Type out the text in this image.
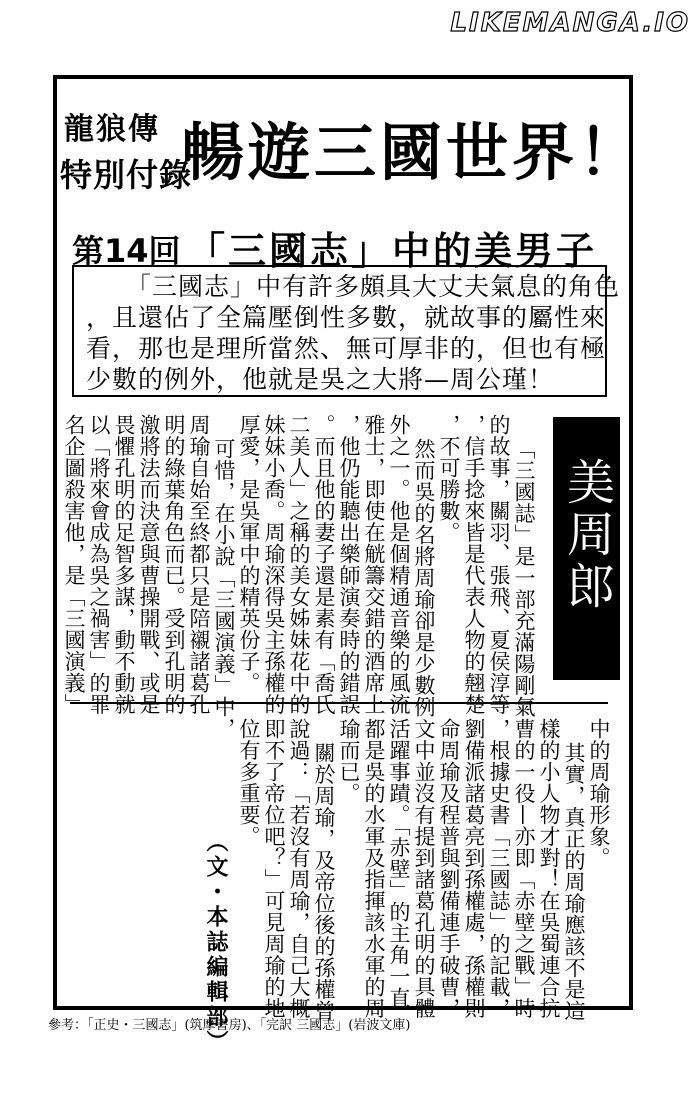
LIKEMANGA.IO
龍狼傳
特別付錄
暢遊三國世界！
第14回 「三國志」中的美男子

「三國志」中有許多頗具大丈夫氣息的角色

，且還佔了全篇壓倒性多數，就故事的屬性來

看，那也是理所當然、無可厚非的，但也有極

少數的例外，他就是吳之大將—周公瑾！

美周郎
「三國誌」是一部充滿陽剛氣
的故事，關羽、張飛、夏侯淳等
，信手捻來皆是代表人物的翹楚
，不可勝數。
然而吳的名將周瑜卻是少數例
外之一。他是個精通音樂的風流
雅士，即使在觥籌交錯的酒席上
，他仍能聽出樂師演奏時的錯誤
。而且他的妻子還是素有「喬氏
二美人」之稱的美女姊妹花中的
妹妹小喬。周瑜深得吳主孫權的
厚愛，是吳軍中的精英份子。
可惜，在小說「三國演義」中，
周瑜自始至終都只是陪襯諸葛孔
明的綠葉角色而已。受到孔明的
激將法而決意與曹操開戰、或是
畏懼孔明的足智多謀，動不動就
以「將來會成為吳之禍害」的罪
名企圖殺害他，是「三國演義」
中的周瑜形象。
其實，真正的周瑜應該不是這
樣的小人物才對！在吳蜀連合抗
曹的一役—亦即「赤壁之戰」時
，根據史書「三國誌」的記載，
劉備派諸葛亮到孫權處，孫權則
命周瑜及程普與劉備連手破曹，
文中並沒有提到諸葛孔明的具體
活躍事蹟。「赤壁」的主角一直
都是吳的水軍及指揮該水軍的周
瑜而已。
關於周瑜，及帝位後的孫權曾
說過：「若沒有周瑜，自己大概
即不了帝位吧？」可見周瑜的地
位有多重要。
（文・本誌編輯部）
參考：「正史・三國志」(筑摩書房)、「完訳 三國志」(岩波文庫)
